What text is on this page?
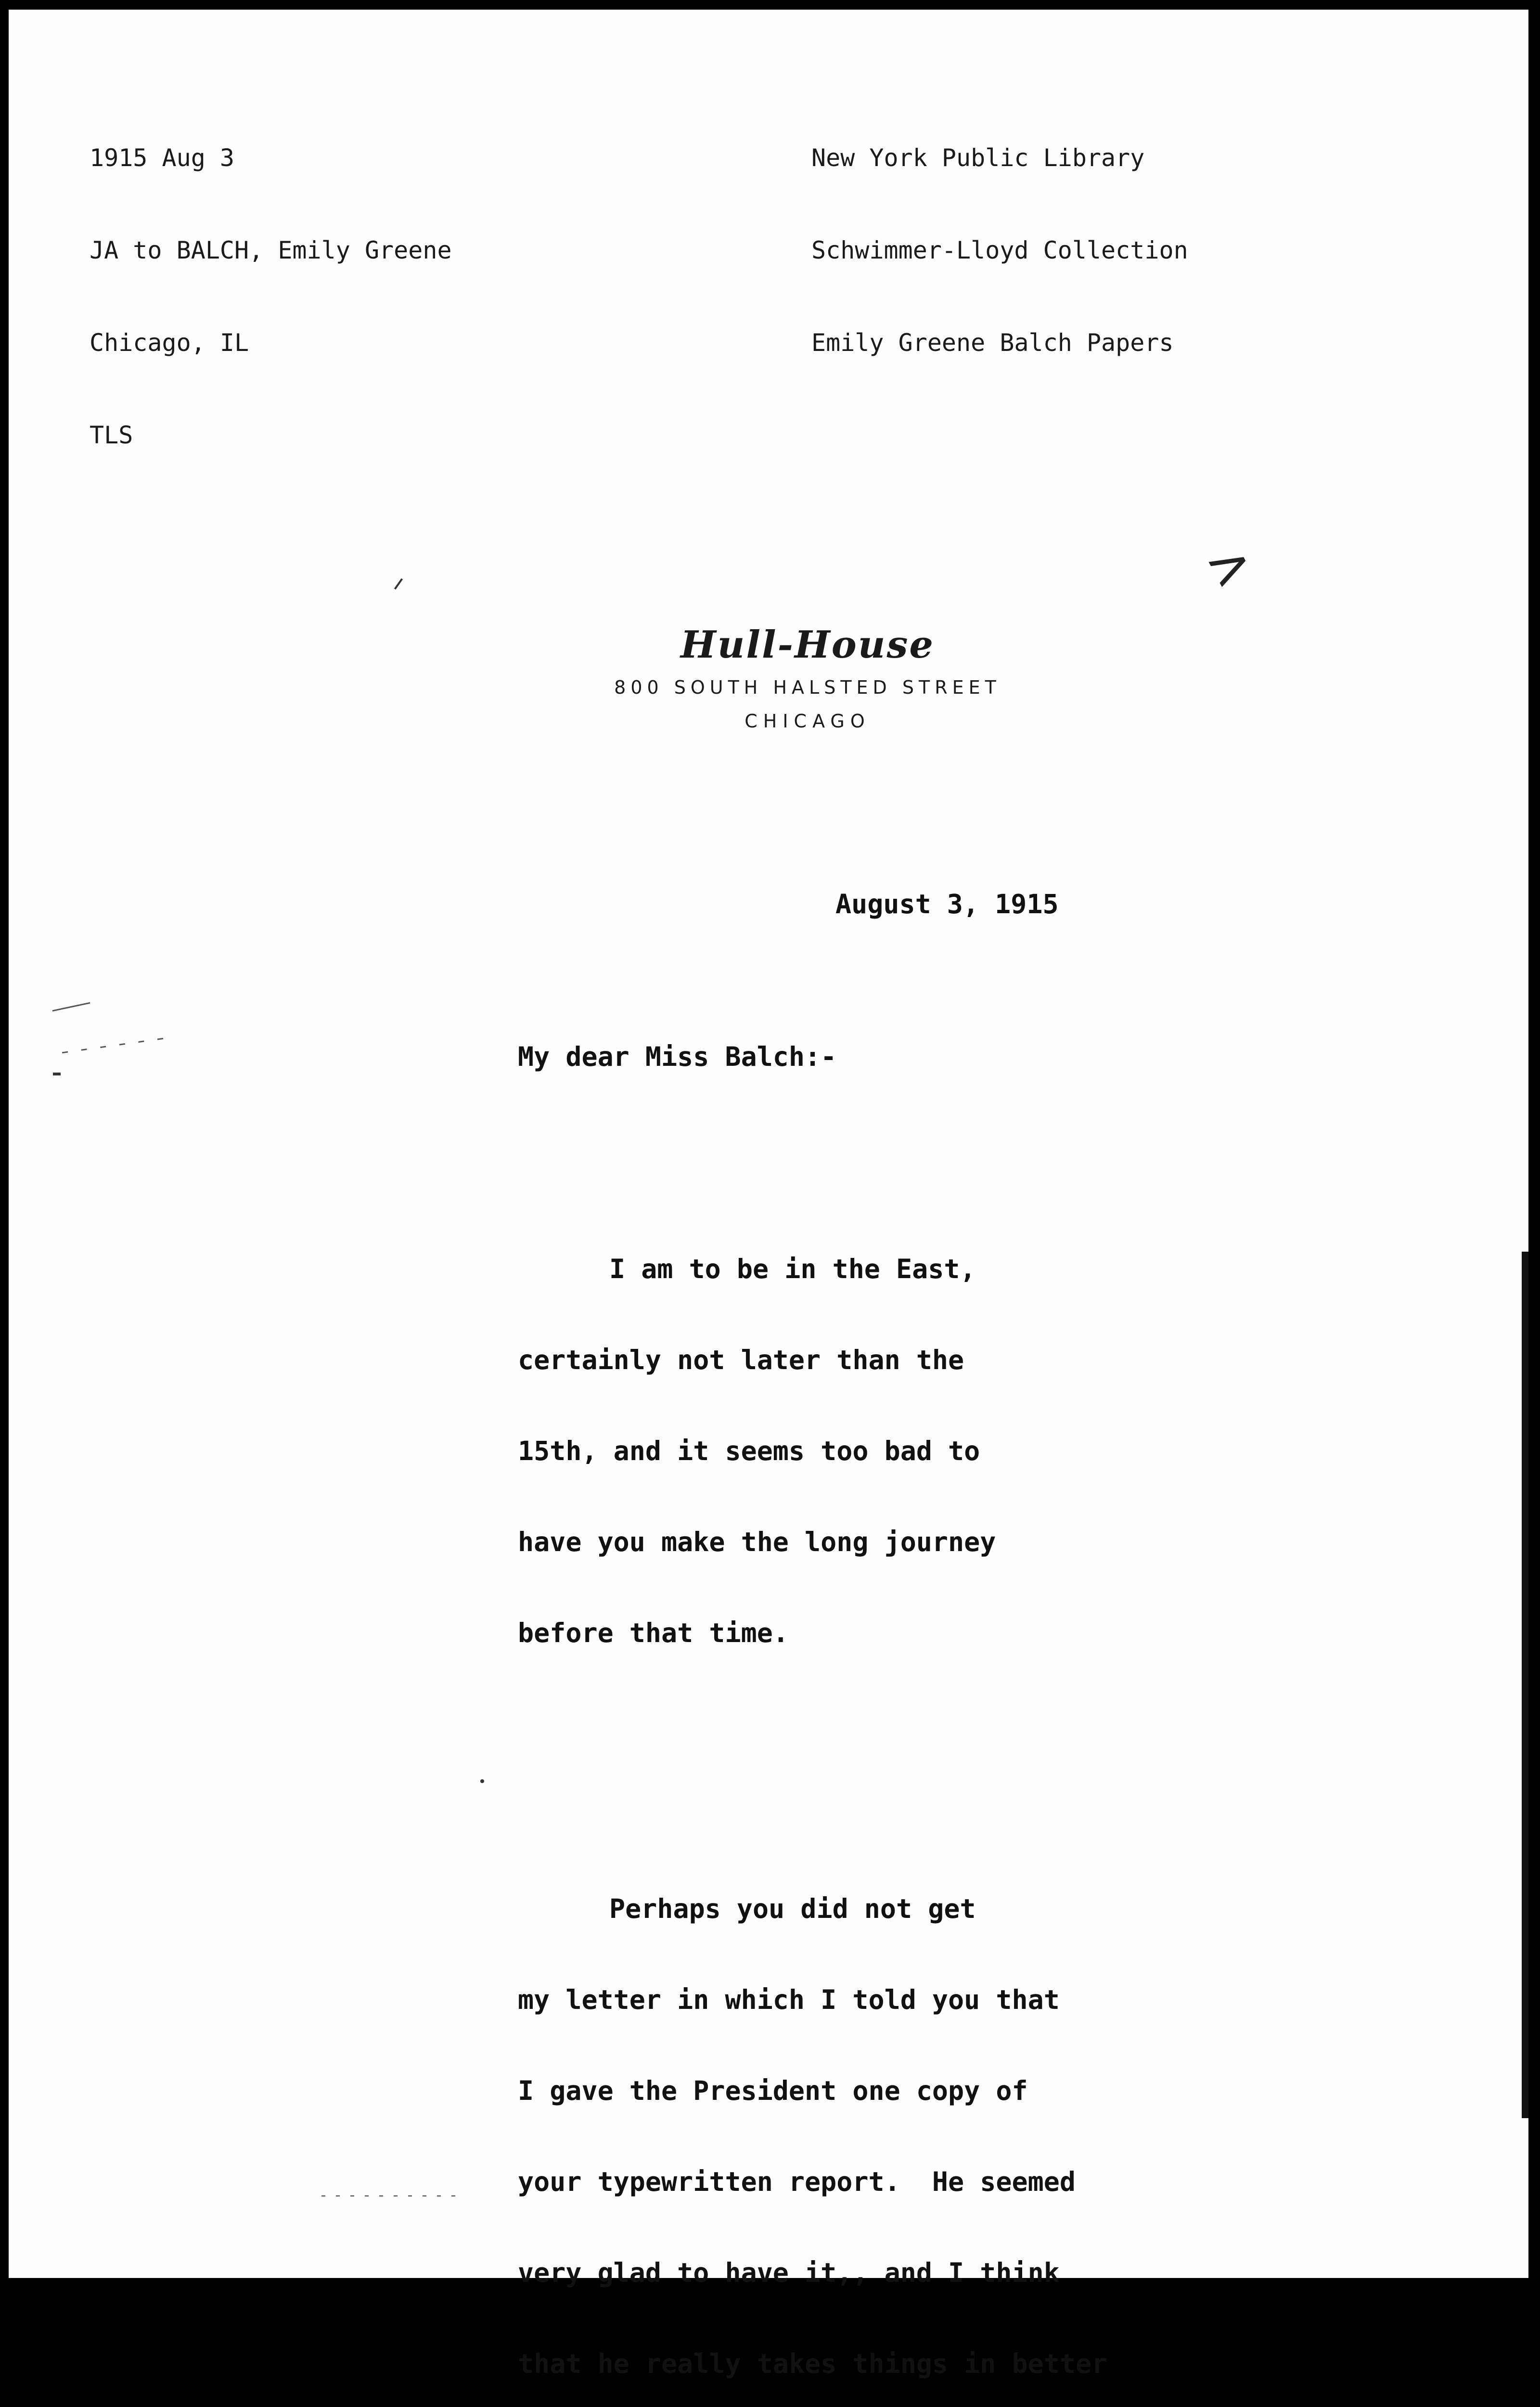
1915 Aug 3

JA to BALCH, Emily Greene

Chicago, IL

TLS

New York Public Library

Schwimmer-Lloyd Collection

Emily Greene Balch Papers

>
Hull-House
800 SOUTH HALSTED STREET
CHICAGO
August 3, 1915

My dear Miss Balch:-

I am to be in the East,

certainly not later than the

15th, and it seems too bad to

have you make the long journey

before that time.

Perhaps you did not get

my letter in which I told you that

I gave the President one copy of

your typewritten report.  He seemed

very glad to have it,, and I think

that he really takes things in better
